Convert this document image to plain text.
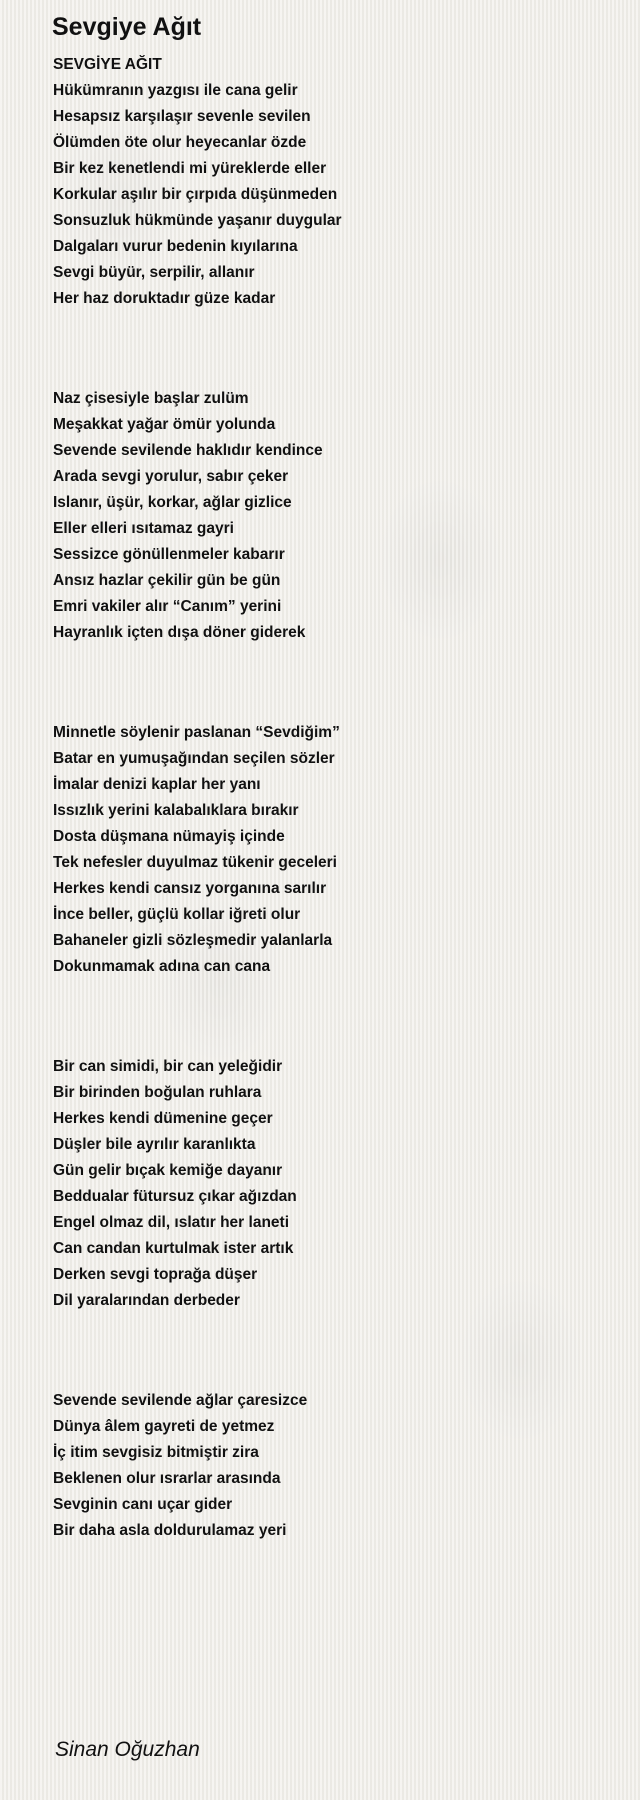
Sevgiye Ağıt
SEVGİYE AĞIT
Hükümranın yazgısı ile cana gelir
Hesapsız karşılaşır sevenle sevilen
Ölümden öte olur heyecanlar özde
Bir kez kenetlendi mi yüreklerde eller
Korkular aşılır bir çırpıda düşünmeden
Sonsuzluk hükmünde yaşanır duygular
Dalgaları vurur bedenin kıyılarına
Sevgi büyür, serpilir, allanır
Her haz doruktadır güze kadar
Naz çisesiyle başlar zulüm
Meşakkat yağar ömür yolunda
Sevende sevilende haklıdır kendince
Arada sevgi yorulur, sabır çeker
Islanır, üşür, korkar, ağlar gizlice
Eller elleri ısıtamaz gayri
Sessizce gönüllenmeler kabarır
Ansız hazlar çekilir gün be gün
Emri vakiler alır “Canım” yerini
Hayranlık içten dışa döner giderek
Minnetle söylenir paslanan “Sevdiğim”
Batar en yumuşağından seçilen sözler
İmalar denizi kaplar her yanı
Issızlık yerini kalabalıklara bırakır
Dosta düşmana nümayiş içinde
Tek nefesler duyulmaz tükenir geceleri
Herkes kendi cansız yorganına sarılır
İnce beller, güçlü kollar iğreti olur
Bahaneler gizli sözleşmedir yalanlarla
Dokunmamak adına can cana
Bir can simidi, bir can yeleğidir
Bir birinden boğulan ruhlara
Herkes kendi dümenine geçer
Düşler bile ayrılır karanlıkta
Gün gelir bıçak kemiğe dayanır
Beddualar fütursuz çıkar ağızdan
Engel olmaz dil, ıslatır her laneti
Can candan kurtulmak ister artık
Derken sevgi toprağa düşer
Dil yaralarından derbeder
Sevende sevilende ağlar çaresizce
Dünya âlem gayreti de yetmez
İç itim sevgisiz bitmiştir zira
Beklenen olur ısrarlar arasında
Sevginin canı uçar gider
Bir daha asla doldurulamaz yeri
Sinan Oğuzhan
